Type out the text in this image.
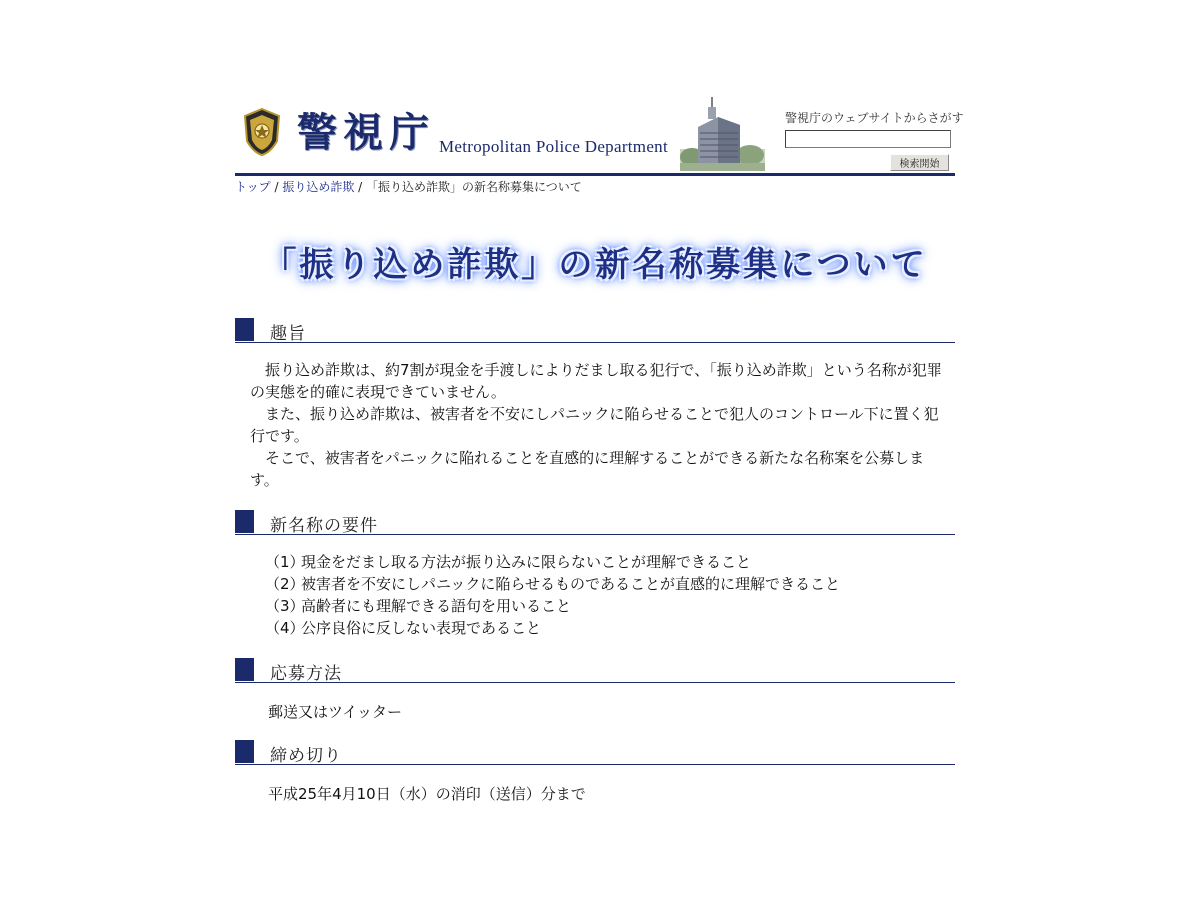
警視庁 Metropolitan Police Department
警視庁のウェブサイトからさがす
検索開始
トップ / 振り込め詐欺 / 「振り込め詐欺」の新名称募集について
「振り込め詐欺」の新名称募集について
趣旨

振り込め詐欺は、約7割が現金を手渡しによりだまし取る犯行で、「振り込め詐欺」という名称が犯罪の実態を的確に表現できていません。

また、振り込め詐欺は、被害者を不安にしパニックに陥らせることで犯人のコントロール下に置く犯行です。

そこで、被害者をパニックに陥れることを直感的に理解することができる新たな名称案を公募します。

新名称の要件
（1）現金をだまし取る方法が振り込みに限らないことが理解できること
（2）被害者を不安にしパニックに陥らせるものであることが直感的に理解できること
（3）高齢者にも理解できる語句を用いること
（4）公序良俗に反しない表現であること
応募方法
郵送又はツイッター
締め切り
平成25年4月10日（水）の消印（送信）分まで
